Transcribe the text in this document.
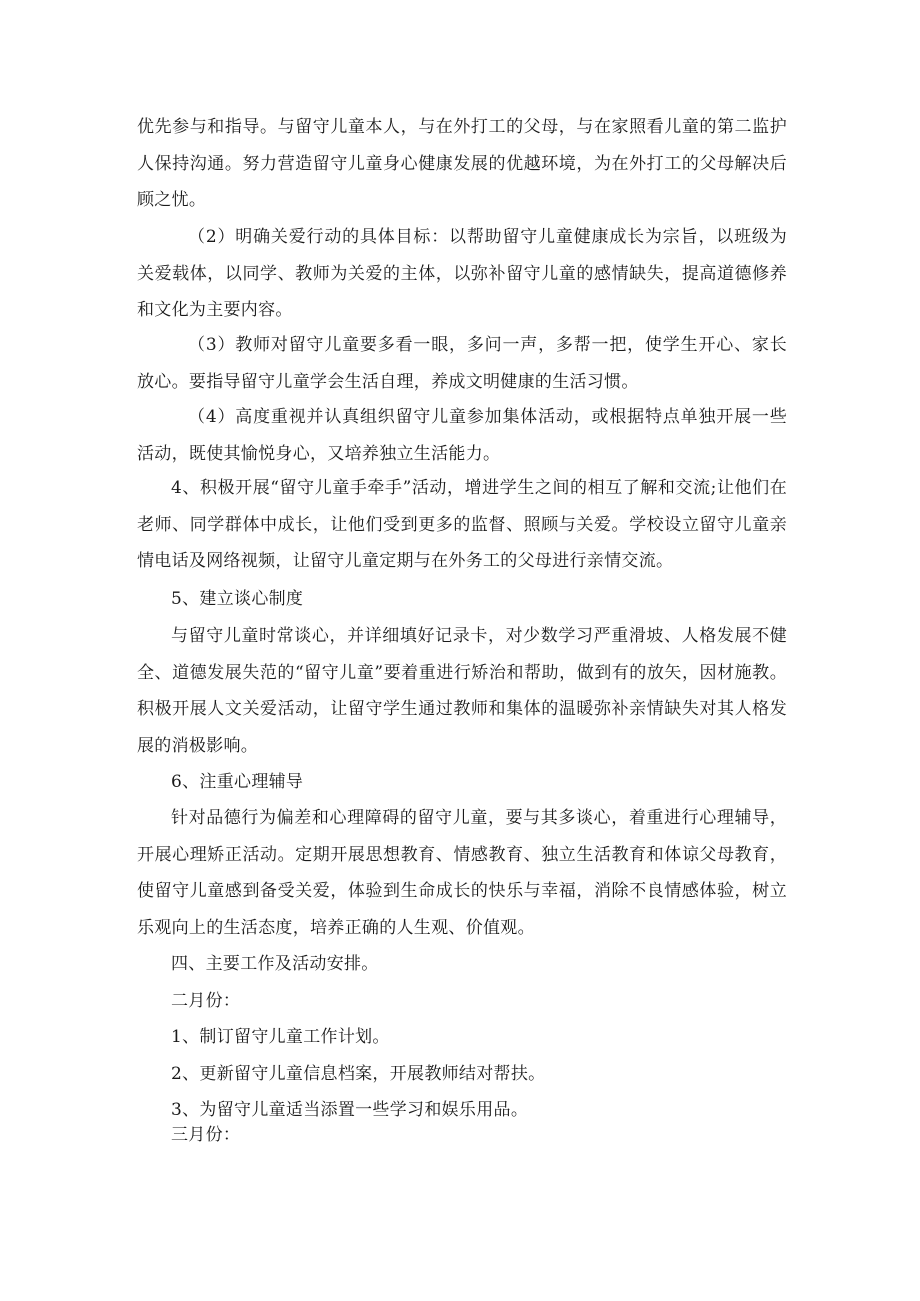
优先参与和指导。与留守儿童本人，与在外打工的父母，与在家照看儿童的第二监护人保持沟通。努力营造留守儿童身心健康发展的优越环境，为在外打工的父母解决后顾之忧。

（2）明确关爱行动的具体目标：以帮助留守儿童健康成长为宗旨，以班级为关爱载体，以同学、教师为关爱的主体，以弥补留守儿童的感情缺失，提高道德修养和文化为主要内容。

（3）教师对留守儿童要多看一眼，多问一声，多帮一把，使学生开心、家长放心。要指导留守儿童学会生活自理，养成文明健康的生活习惯。

（4）高度重视并认真组织留守儿童参加集体活动，或根据特点单独开展一些活动，既使其愉悦身心，又培养独立生活能力。

4、积极开展“留守儿童手牵手”活动，增进学生之间的相互了解和交流;让他们在老师、同学群体中成长，让他们受到更多的监督、照顾与关爱。学校设立留守儿童亲情电话及网络视频，让留守儿童定期与在外务工的父母进行亲情交流。

5、建立谈心制度

与留守儿童时常谈心，并详细填好记录卡，对少数学习严重滑坡、人格发展不健全、道德发展失范的“留守儿童”要着重进行矫治和帮助，做到有的放矢，因材施教。积极开展人文关爱活动，让留守学生通过教师和集体的温暖弥补亲情缺失对其人格发展的消极影响。

6、注重心理辅导

针对品德行为偏差和心理障碍的留守儿童，要与其多谈心，着重进行心理辅导，开展心理矫正活动。定期开展思想教育、情感教育、独立生活教育和体谅父母教育，使留守儿童感到备受关爱，体验到生命成长的快乐与幸福，消除不良情感体验，树立乐观向上的生活态度，培养正确的人生观、价值观。

四、主要工作及活动安排。

二月份：

1、制订留守儿童工作计划。

2、更新留守儿童信息档案，开展教师结对帮扶。

3、为留守儿童适当添置一些学习和娱乐用品。

三月份：
